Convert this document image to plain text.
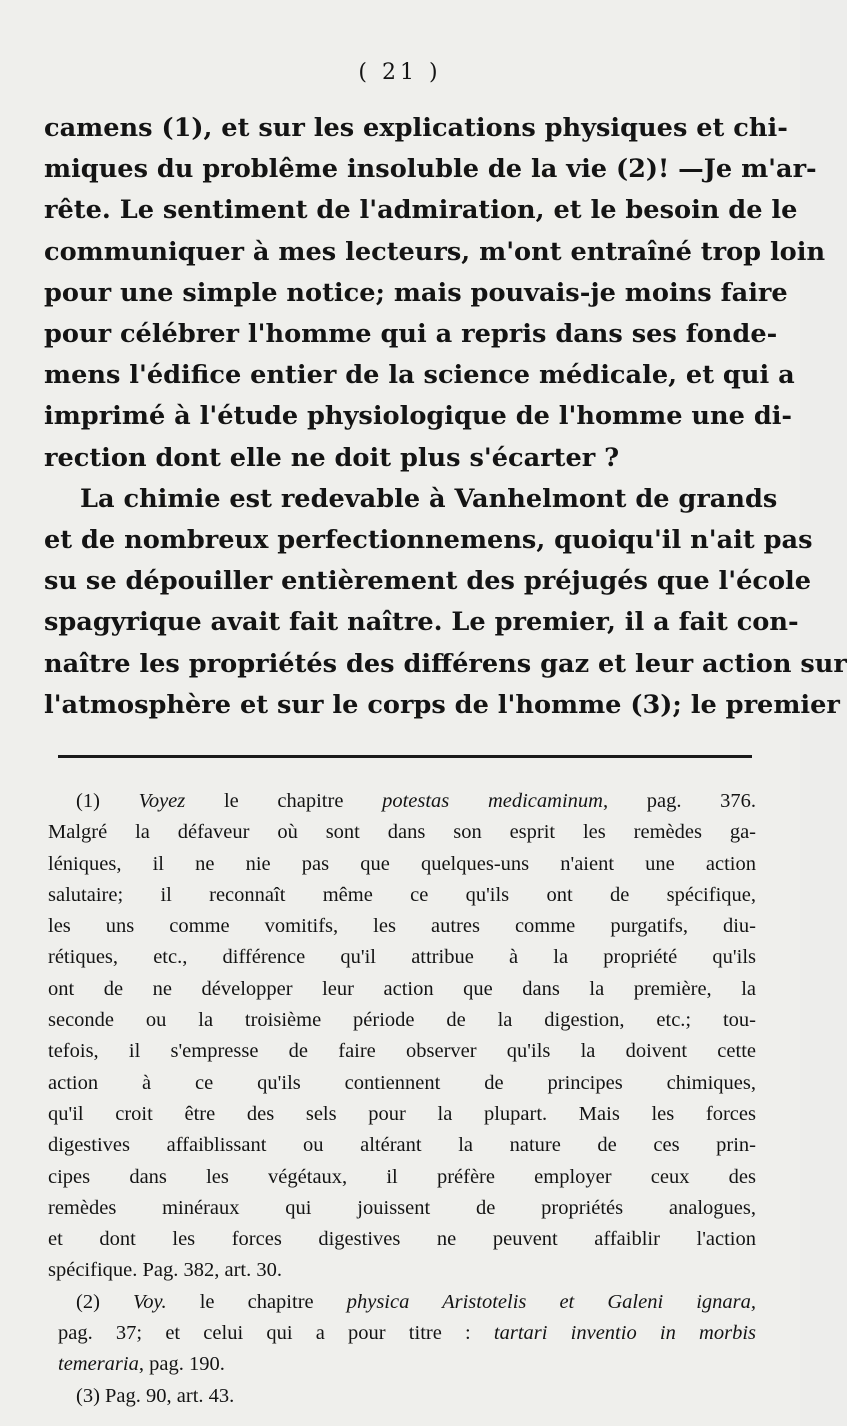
( 21 )
camens (1), et sur les explications physiques et chi-
miques du problême insoluble de la vie (2)! —Je m'ar-
rête. Le sentiment de l'admiration, et le besoin de le
communiquer à mes lecteurs, m'ont entraîné trop loin
pour une simple notice; mais pouvais-je moins faire
pour célébrer l'homme qui a repris dans ses fonde-
mens l'édifice entier de la science médicale, et qui a
imprimé à l'étude physiologique de l'homme une di-
rection dont elle ne doit plus s'écarter ?
La chimie est redevable à Vanhelmont de grands
et de nombreux perfectionnemens, quoiqu'il n'ait pas
su se dépouiller entièrement des préjugés que l'école
spagyrique avait fait naître. Le premier, il a fait con-
naître les propriétés des différens gaz et leur action sur
l'atmosphère et sur le corps de l'homme (3); le premier
(1) Voyez le chapitre potestas medicaminum, pag. 376.
Malgré la défaveur où sont dans son esprit les remèdes ga-
léniques, il ne nie pas que quelques-uns n'aient une action
salutaire; il reconnaît même ce qu'ils ont de spécifique,
les uns comme vomitifs, les autres comme purgatifs, diu-
rétiques, etc., différence qu'il attribue à la propriété qu'ils
ont de ne développer leur action que dans la première, la
seconde ou la troisième période de la digestion, etc.; tou-
tefois, il s'empresse de faire observer qu'ils la doivent cette
action à ce qu'ils contiennent de principes chimiques,
qu'il croit être des sels pour la plupart. Mais les forces
digestives affaiblissant ou altérant la nature de ces prin-
cipes dans les végétaux, il préfère employer ceux des
remèdes minéraux qui jouissent de propriétés analogues,
et dont les forces digestives ne peuvent affaiblir l'action
spécifique. Pag. 382, art. 30.
(2) Voy. le chapitre physica Aristotelis et Galeni ignara,
pag. 37; et celui qui a pour titre : tartari inventio in morbis
temeraria, pag. 190.
(3) Pag. 90, art. 43.
